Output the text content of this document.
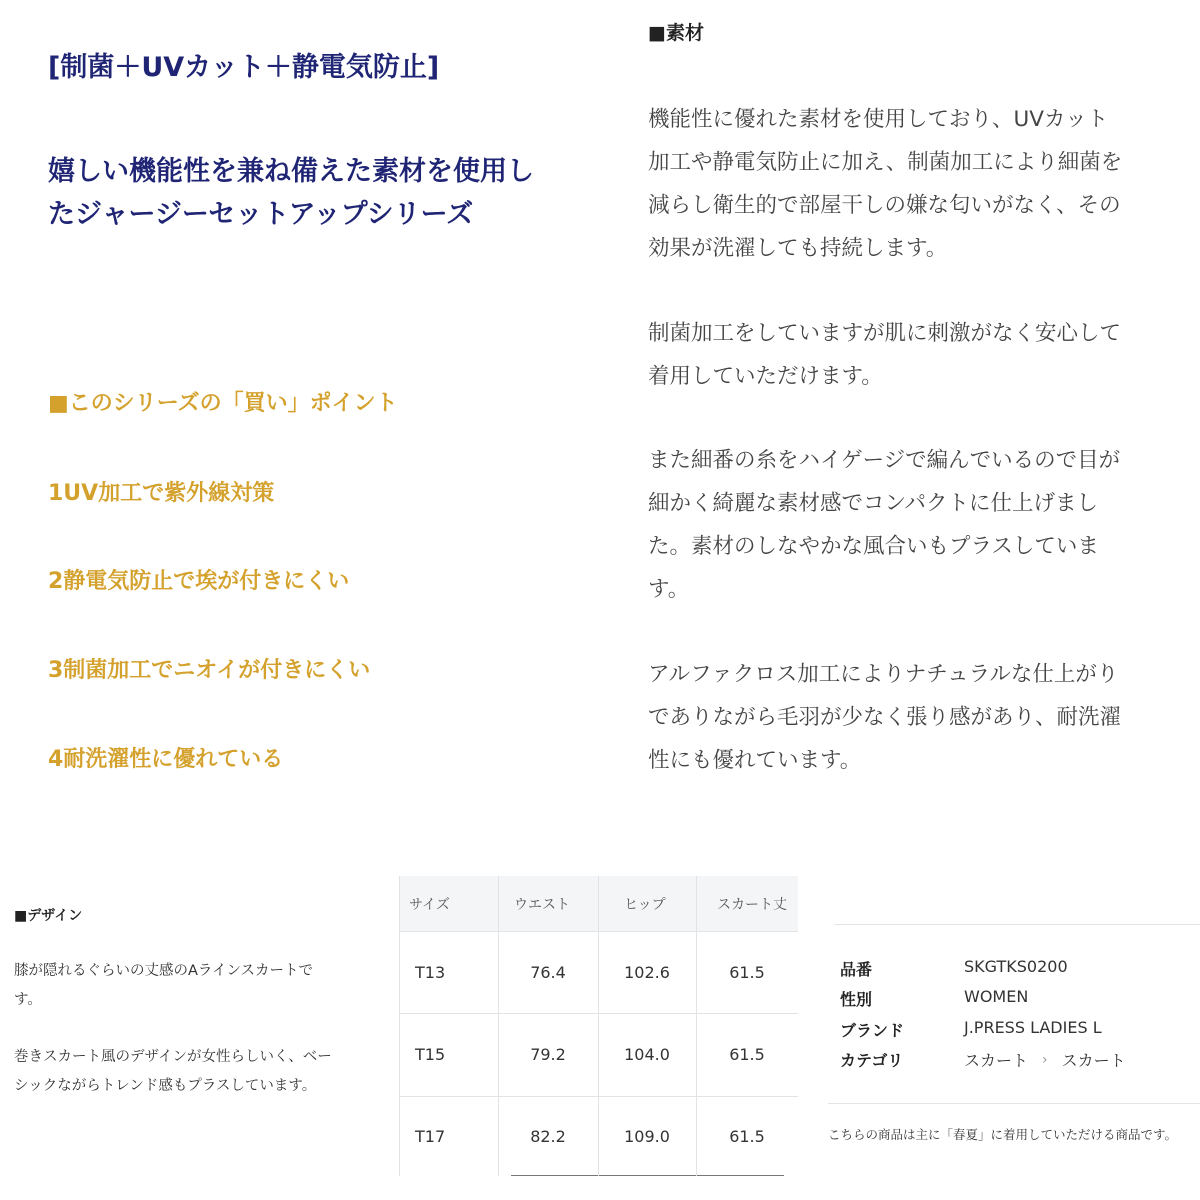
[制菌＋UVカット＋静電気防止]
嬉しい機能性を兼ね備えた素材を使用し
たジャージーセットアップシリーズ
■このシリーズの「買い」ポイント
1UV加工で紫外線対策
2静電気防止で埃が付きにくい
3制菌加工でニオイが付きにくい
4耐洗濯性に優れている
■素材
機能性に優れた素材を使用しており、UVカット
加工や静電気防止に加え、制菌加工により細菌を
減らし衛生的で部屋干しの嫌な匂いがなく、その
効果が洗濯しても持続します。
制菌加工をしていますが肌に刺激がなく安心して
着用していただけます。
また細番の糸をハイゲージで編んでいるので目が
細かく綺麗な素材感でコンパクトに仕上げまし
た。素材のしなやかな風合いもプラスしていま
す。
アルファクロス加工によりナチュラルな仕上がり
でありながら毛羽が少なく張り感があり、耐洗濯
性にも優れています。
■デザイン
膝が隠れるぐらいの丈感のAラインスカートで
す。
巻きスカート風のデザインが女性らしいく、ベー
シックながらトレンド感もプラスしています。
サイズ	ウエスト	ヒップ	スカート丈
T13	76.4	102.6	61.5
T15	79.2	104.0	61.5
T17	82.2	109.0	61.5
品番	SKGTKS0200
性別	WOMEN
ブランド	J.PRESS LADIES L
カテゴリ	スカート › スカート
こちらの商品は主に「春夏」に着用していただける商品です。
